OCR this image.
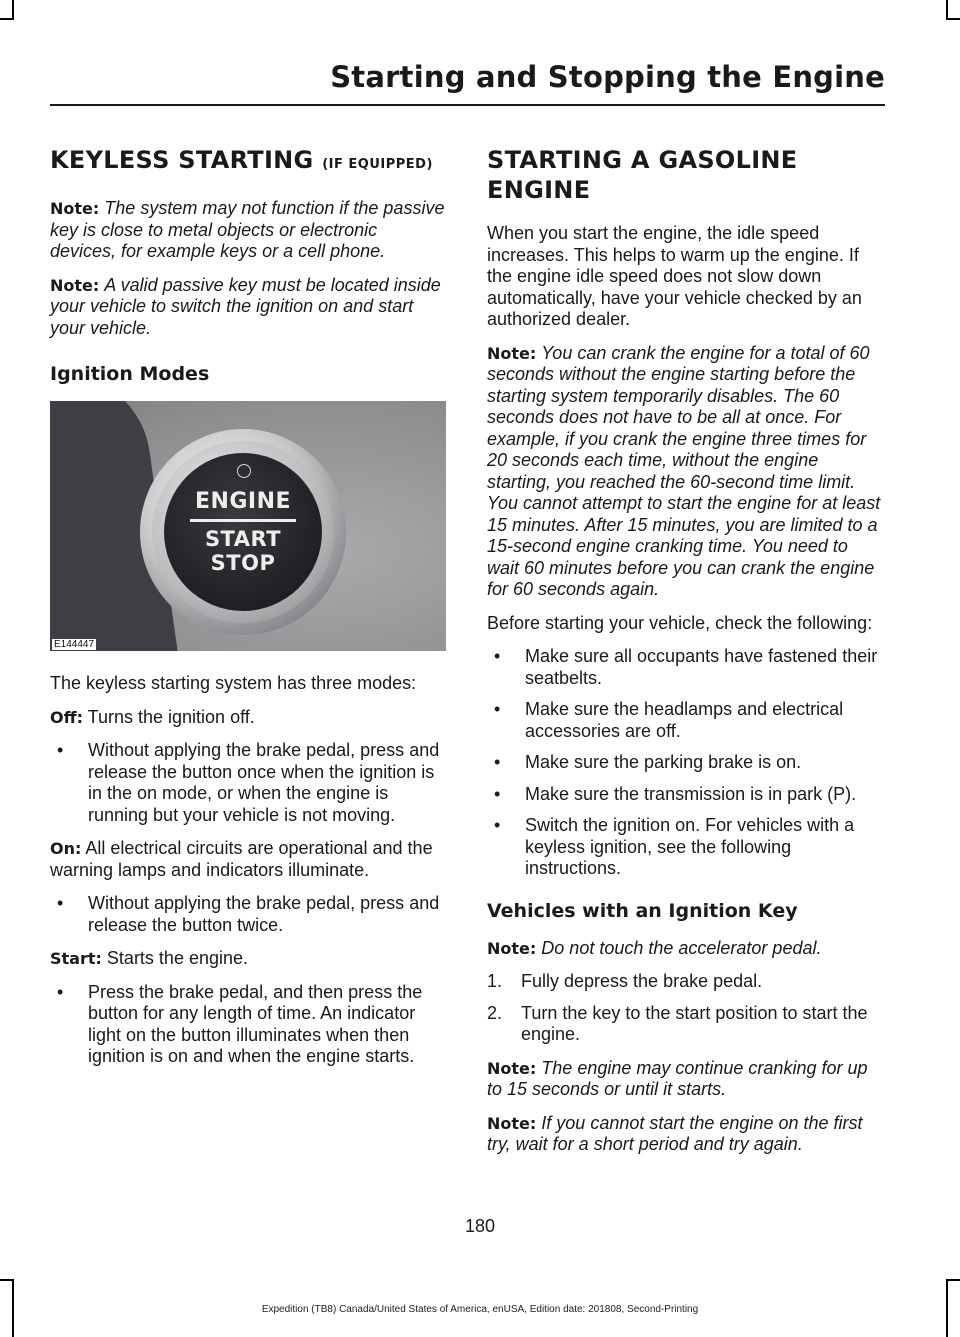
Starting and Stopping the Engine
KEYLESS STARTING (IF EQUIPPED)

Note: The system may not function if the passive key is close to metal objects or electronic devices, for example keys or a cell phone.

Note: A valid passive key must be located inside your vehicle to switch the ignition on and start your vehicle.

Ignition Modes
ENGINE
START
STOP
E144447

The keyless starting system has three modes:

Off: Turns the ignition off.

• Without applying the brake pedal, press and release the button once when the ignition is in the on mode, or when the engine is running but your vehicle is not moving.

On: All electrical circuits are operational and the warning lamps and indicators illuminate.

• Without applying the brake pedal, press and release the button twice.

Start: Starts the engine.

• Press the brake pedal, and then press the button for any length of time. An indicator light on the button illuminates when then ignition is on and when the engine starts.
STARTING A GASOLINE
ENGINE

When you start the engine, the idle speed increases. This helps to warm up the engine. If the engine idle speed does not slow down automatically, have your vehicle checked by an authorized dealer.

Note: You can crank the engine for a total of 60 seconds without the engine starting before the starting system temporarily disables. The 60 seconds does not have to be all at once. For example, if you crank the engine three times for 20 seconds each time, without the engine starting, you reached the 60-second time limit. You cannot attempt to start the engine for at least 15 minutes. After 15 minutes, you are limited to a 15-second engine cranking time. You need to wait 60 minutes before you can crank the engine for 60 seconds again.

Before starting your vehicle, check the following:

• Make sure all occupants have fastened their seatbelts.
• Make sure the headlamps and electrical accessories are off.
• Make sure the parking brake is on.
• Make sure the transmission is in park (P).
• Switch the ignition on. For vehicles with a keyless ignition, see the following instructions.
Vehicles with an Ignition Key

Note: Do not touch the accelerator pedal.

1. Fully depress the brake pedal.
2. Turn the key to the start position to start the engine.

Note: The engine may continue cranking for up to 15 seconds or until it starts.

Note: If you cannot start the engine on the first try, wait for a short period and try again.

180
Expedition (TB8) Canada/United States of America, enUSA, Edition date: 201808, Second-Printing
